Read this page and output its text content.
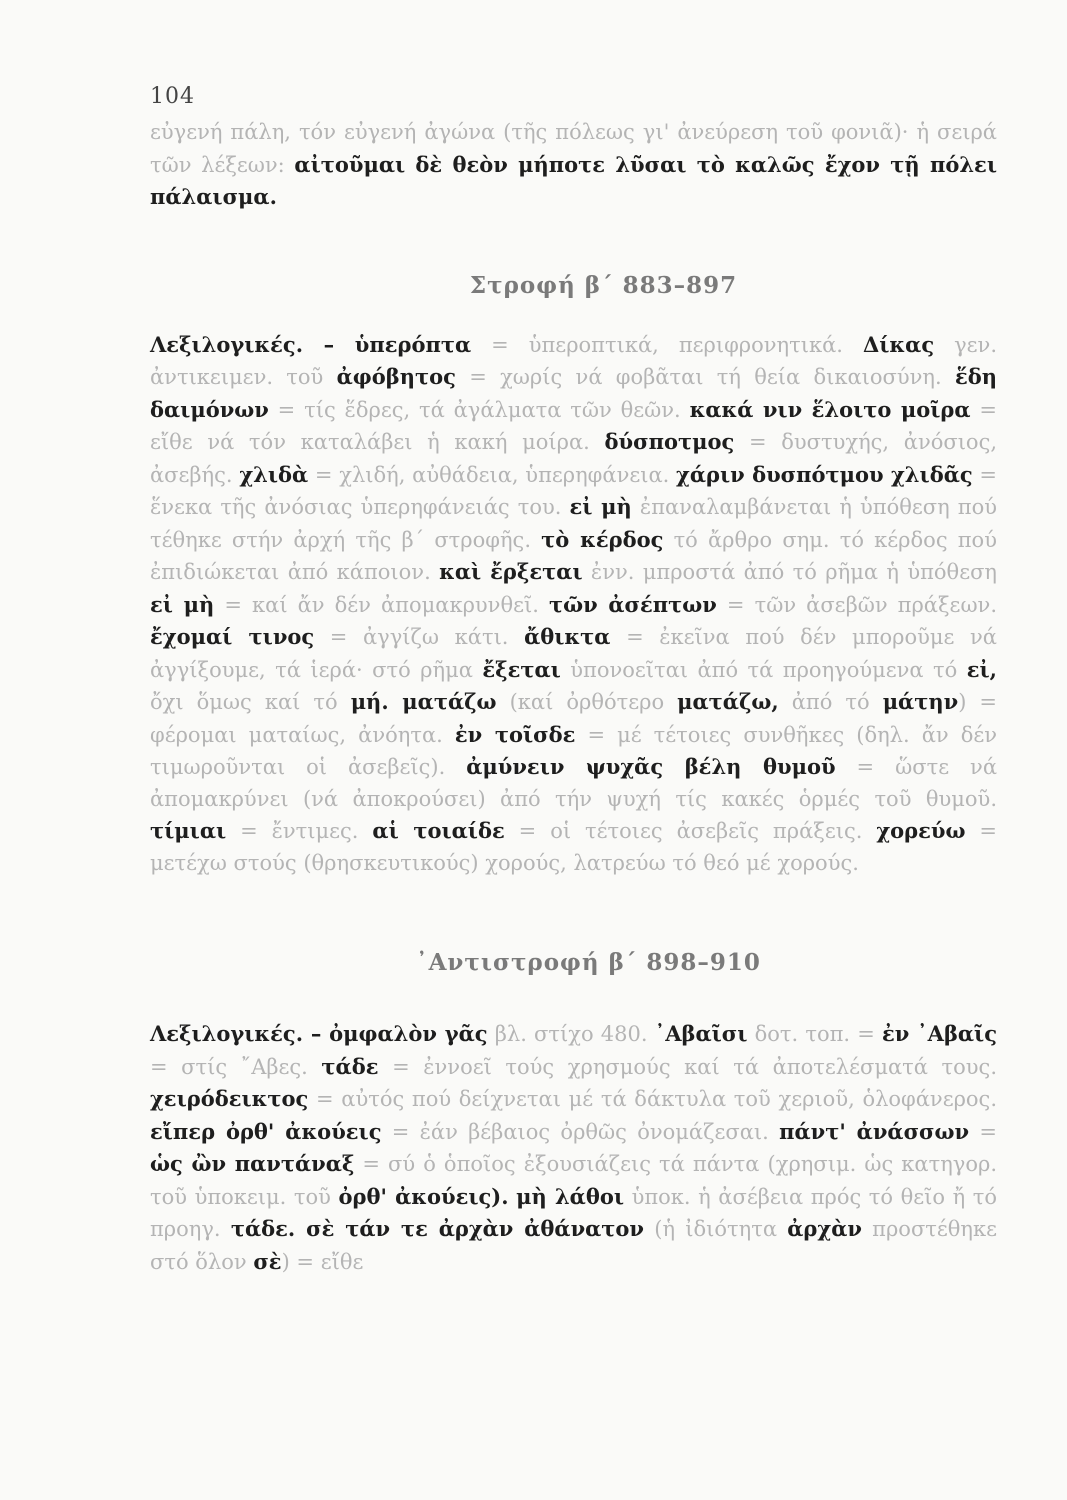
104

εὐγενή πάλη, τόν εὐγενή ἀγώνα (τῆς πόλεως γι' ἀνεύρεση τοῦ φονιᾶ)· ἡ σειρά τῶν λέξεων: αἰτοῦμαι δὲ θεὸν μήποτε λῦσαι τὸ καλῶς ἔχον τῇ πόλει πάλαισμα.

Στροφή β΄ 883–897

Λεξιλογικές. – ὑπερόπτα = ὑπεροπτικά, περιφρονητικά. Δίκας γεν. ἀντικειμεν. τοῦ ἀφόβητος = χωρίς νά φοβᾶται τή θεία δικαιοσύνη. ἕδη δαιμόνων = τίς ἕδρες, τά ἀγάλματα τῶν θεῶν. κακά νιν ἕλοιτο μοῖρα = εἴθε νά τόν καταλάβει ἡ κακή μοίρα. δύσποτμος = δυστυχής, ἀνόσιος, ἀσεβής. χλιδὰ = χλιδή, αὐθάδεια, ὑπερηφάνεια. χάριν δυσπότμου χλιδᾶς = ἕνεκα τῆς ἀνόσιας ὑπερηφάνειάς του. εἰ μὴ ἐπαναλαμβάνεται ἡ ὑπόθεση πού τέθηκε στήν ἀρχή τῆς β΄ στροφῆς. τὸ κέρδος τό ἄρθρο σημ. τό κέρδος πού ἐπιδιώκεται ἀπό κάποιον. καὶ ἔρξεται ἐνν. μπροστά ἀπό τό ρῆμα ἡ ὑπόθεση εἰ μὴ = καί ἄν δέν ἀπομακρυνθεῖ. τῶν ἀσέπτων = τῶν ἀσεβῶν πράξεων. ἔχομαί τινος = ἀγγίζω κάτι. ἄθικτα = ἐκεῖνα πού δέν μποροῦμε νά ἀγγίξουμε, τά ἱερά· στό ρῆμα ἔξεται ὑπονοεῖται ἀπό τά προηγούμενα τό εἰ, ὄχι ὅμως καί τό μή. ματάζω (καί ὀρθότερο ματάζω, ἀπό τό μάτην) = φέρομαι ματαίως, ἀνόητα. ἐν τοῖσδε = μέ τέτοιες συνθῆκες (δηλ. ἄν δέν τιμωροῦνται οἱ ἀσεβεῖς). ἀμύνειν ψυχᾶς βέλη θυμοῦ = ὥστε νά ἀπομακρύνει (νά ἀποκρούσει) ἀπό τήν ψυχή τίς κακές ὁρμές τοῦ θυμοῦ. τίμιαι = ἔντιμες. αἱ τοιαίδε = οἱ τέτοιες ἀσεβεῖς πράξεις. χορεύω = μετέχω στούς (θρησκευτικούς) χορούς, λατρεύω τό θεό μέ χορούς.

᾿Αντιστροφή β΄ 898–910

Λεξιλογικές. – ὀμφαλὸν γᾶς βλ. στίχο 480. ᾿Αβαῖσι δοτ. τοπ. = ἐν ᾿Αβαῖς = στίς ῎Αβες. τάδε = ἐννοεῖ τούς χρησμούς καί τά ἀποτελέσματά τους. χειρόδεικτος = αὐτός πού δείχνεται μέ τά δάκτυλα τοῦ χεριοῦ, ὁλοφάνερος. εἴπερ ὀρθ' ἀκούεις = ἐάν βέβαιος ὀρθῶς ὀνομάζεσαι. πάντ' ἀνάσσων = ὡς ὢν παντάναξ = σύ ὁ ὁποῖος ἐξουσιάζεις τά πάντα (χρησιμ. ὡς κατηγορ. τοῦ ὑποκειμ. τοῦ ὀρθ' ἀκούεις). μὴ λάθοι ὑποκ. ἡ ἀσέβεια πρός τό θεῖο ἤ τό προηγ. τάδε. σὲ τάν τε ἀρχὰν ἀθάνατον (ἡ ἰδιότητα ἀρχὰν προστέθηκε στό ὅλον σὲ) = εἴθε
